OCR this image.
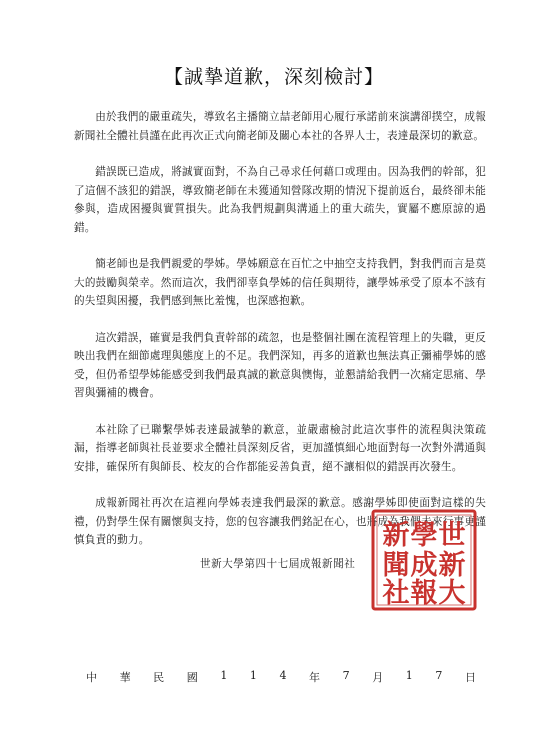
【誠摯道歉，深刻檢討】

由於我們的嚴重疏失，導致名主播簡立喆老師用心履行承諾前來演講卻撲空，成報新聞社全體社員謹在此再次正式向簡老師及關心本社的各界人士，表達最深切的歉意。

錯誤既已造成，將誠實面對，不為自己尋求任何藉口或理由。因為我們的幹部，犯了這個不該犯的錯誤，導致簡老師在未獲通知營隊改期的情況下提前返台，最終卻未能參與，造成困擾與實質損失。此為我們規劃與溝通上的重大疏失，實屬不應原諒的過錯。

簡老師也是我們親愛的學姊。學姊願意在百忙之中抽空支持我們，對我們而言是莫大的鼓勵與榮幸。然而這次，我們卻辜負學姊的信任與期待，讓學姊承受了原本不該有的失望與困擾，我們感到無比羞愧，也深感抱歉。

這次錯誤，確實是我們負責幹部的疏忽，也是整個社團在流程管理上的失職，更反映出我們在細節處理與態度上的不足。我們深知，再多的道歉也無法真正彌補學姊的感受，但仍希望學姊能感受到我們最真誠的歉意與懊悔，並懇請給我們一次痛定思痛、學習與彌補的機會。

本社除了已聯繫學姊表達最誠摯的歉意，並嚴肅檢討此這次事件的流程與決策疏漏，指導老師與社長並要求全體社員深刻反省，更加謹慎細心地面對每一次對外溝通與安排，確保所有與師長、校友的合作都能妥善負責，絕不讓相似的錯誤再次發生。

成報新聞社再次在這裡向學姊表達我們最深的歉意。感謝學姊即使面對這樣的失禮，仍對學生保有關懷與支持，您的包容讓我們銘記在心，也將成為我們未來行事更謹慎負責的動力。

世新大學第四十七屆成報新聞社
世
新
大
學
成
報
新
聞
社
中 華 民 國 1 1 4 年 7 月 1 7 日
